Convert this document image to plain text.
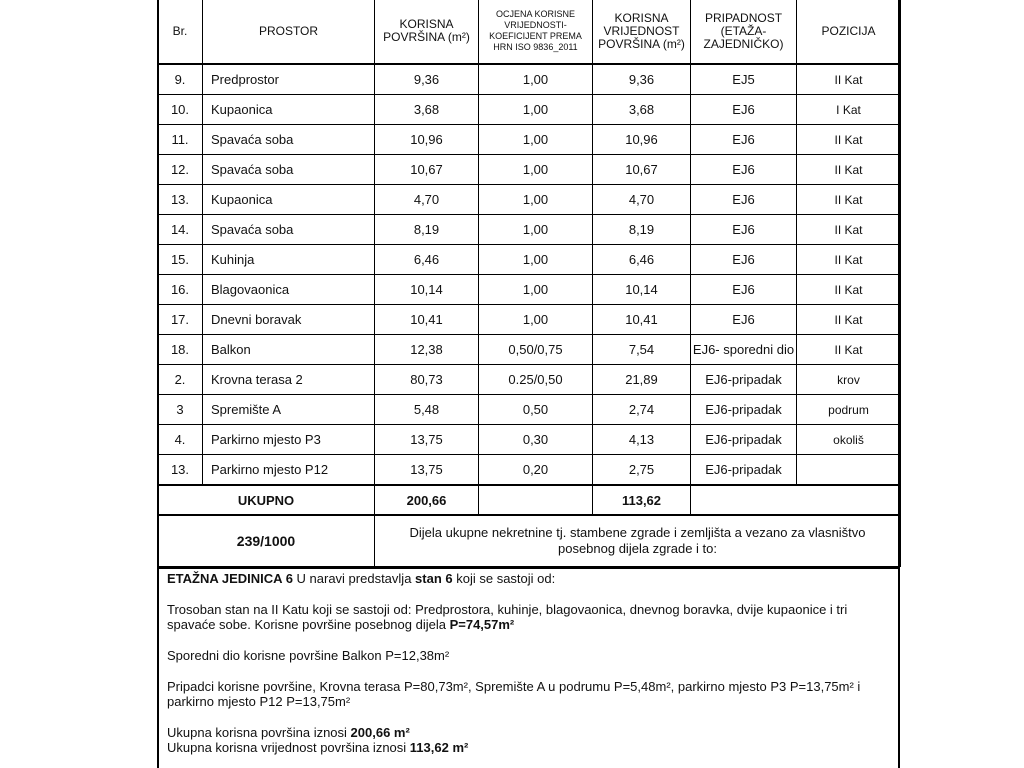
Br.	PROSTOR	KORISNA POVRŠINA (m²)	OCJENA KORISNE VRIJEDNOSTI- KOEFICIJENT PREMA HRN ISO 9836_2011	KORISNA VRIJEDNOST POVRŠINA (m²)	PRIPADNOST (ETAŽA- ZAJEDNIČKO)	POZICIJA
9.	Predprostor	9,36	1,00	9,36	EJ5	II Kat
10.	Kupaonica	3,68	1,00	3,68	EJ6	I Kat
11.	Spavaća soba	10,96	1,00	10,96	EJ6	II Kat
12.	Spavaća soba	10,67	1,00	10,67	EJ6	II Kat
13.	Kupaonica	4,70	1,00	4,70	EJ6	II Kat
14.	Spavaća soba	8,19	1,00	8,19	EJ6	II Kat
15.	Kuhinja	6,46	1,00	6,46	EJ6	II Kat
16.	Blagovaonica	10,14	1,00	10,14	EJ6	II Kat
17.	Dnevni boravak	10,41	1,00	10,41	EJ6	II Kat
18.	Balkon	12,38	0,50/0,75	7,54	EJ6- sporedni dio	II Kat
2.	Krovna terasa 2	80,73	0.25/0,50	21,89	EJ6-pripadak	krov
3	Spremište A	5,48	0,50	2,74	EJ6-pripadak	podrum
4.	Parkirno mjesto P3	13,75	0,30	4,13	EJ6-pripadak	okoliš
13.	Parkirno mjesto P12	13,75	0,20	2,75	EJ6-pripadak	
UKUPNO		200,66		113,62		
239/1000		Dijela ukupne nekretnine tj. stambene zgrade i zemljišta a vezano za vlasništvo posebnog dijela zgrade i to:				

ETAŽNA JEDINICA 6 U naravi predstavlja stan 6 koji se sastoji od:

Trosoban stan na II Katu koji se sastoji od: Predprostora, kuhinje, blagovaonica, dnevnog boravka, dvije kupaonice i tri spavaće sobe. Korisne površine posebnog dijela P=74,57m²

Sporedni dio korisne površine Balkon P=12,38m²

Pripadci korisne površine, Krovna terasa P=80,73m², Spremište A u podrumu P=5,48m², parkirno mjesto P3 P=13,75m² i parkirno mjesto P12 P=13,75m²

Ukupna korisna površina iznosi 200,66 m²

Ukupna korisna vrijednost površina iznosi 113,62 m²
